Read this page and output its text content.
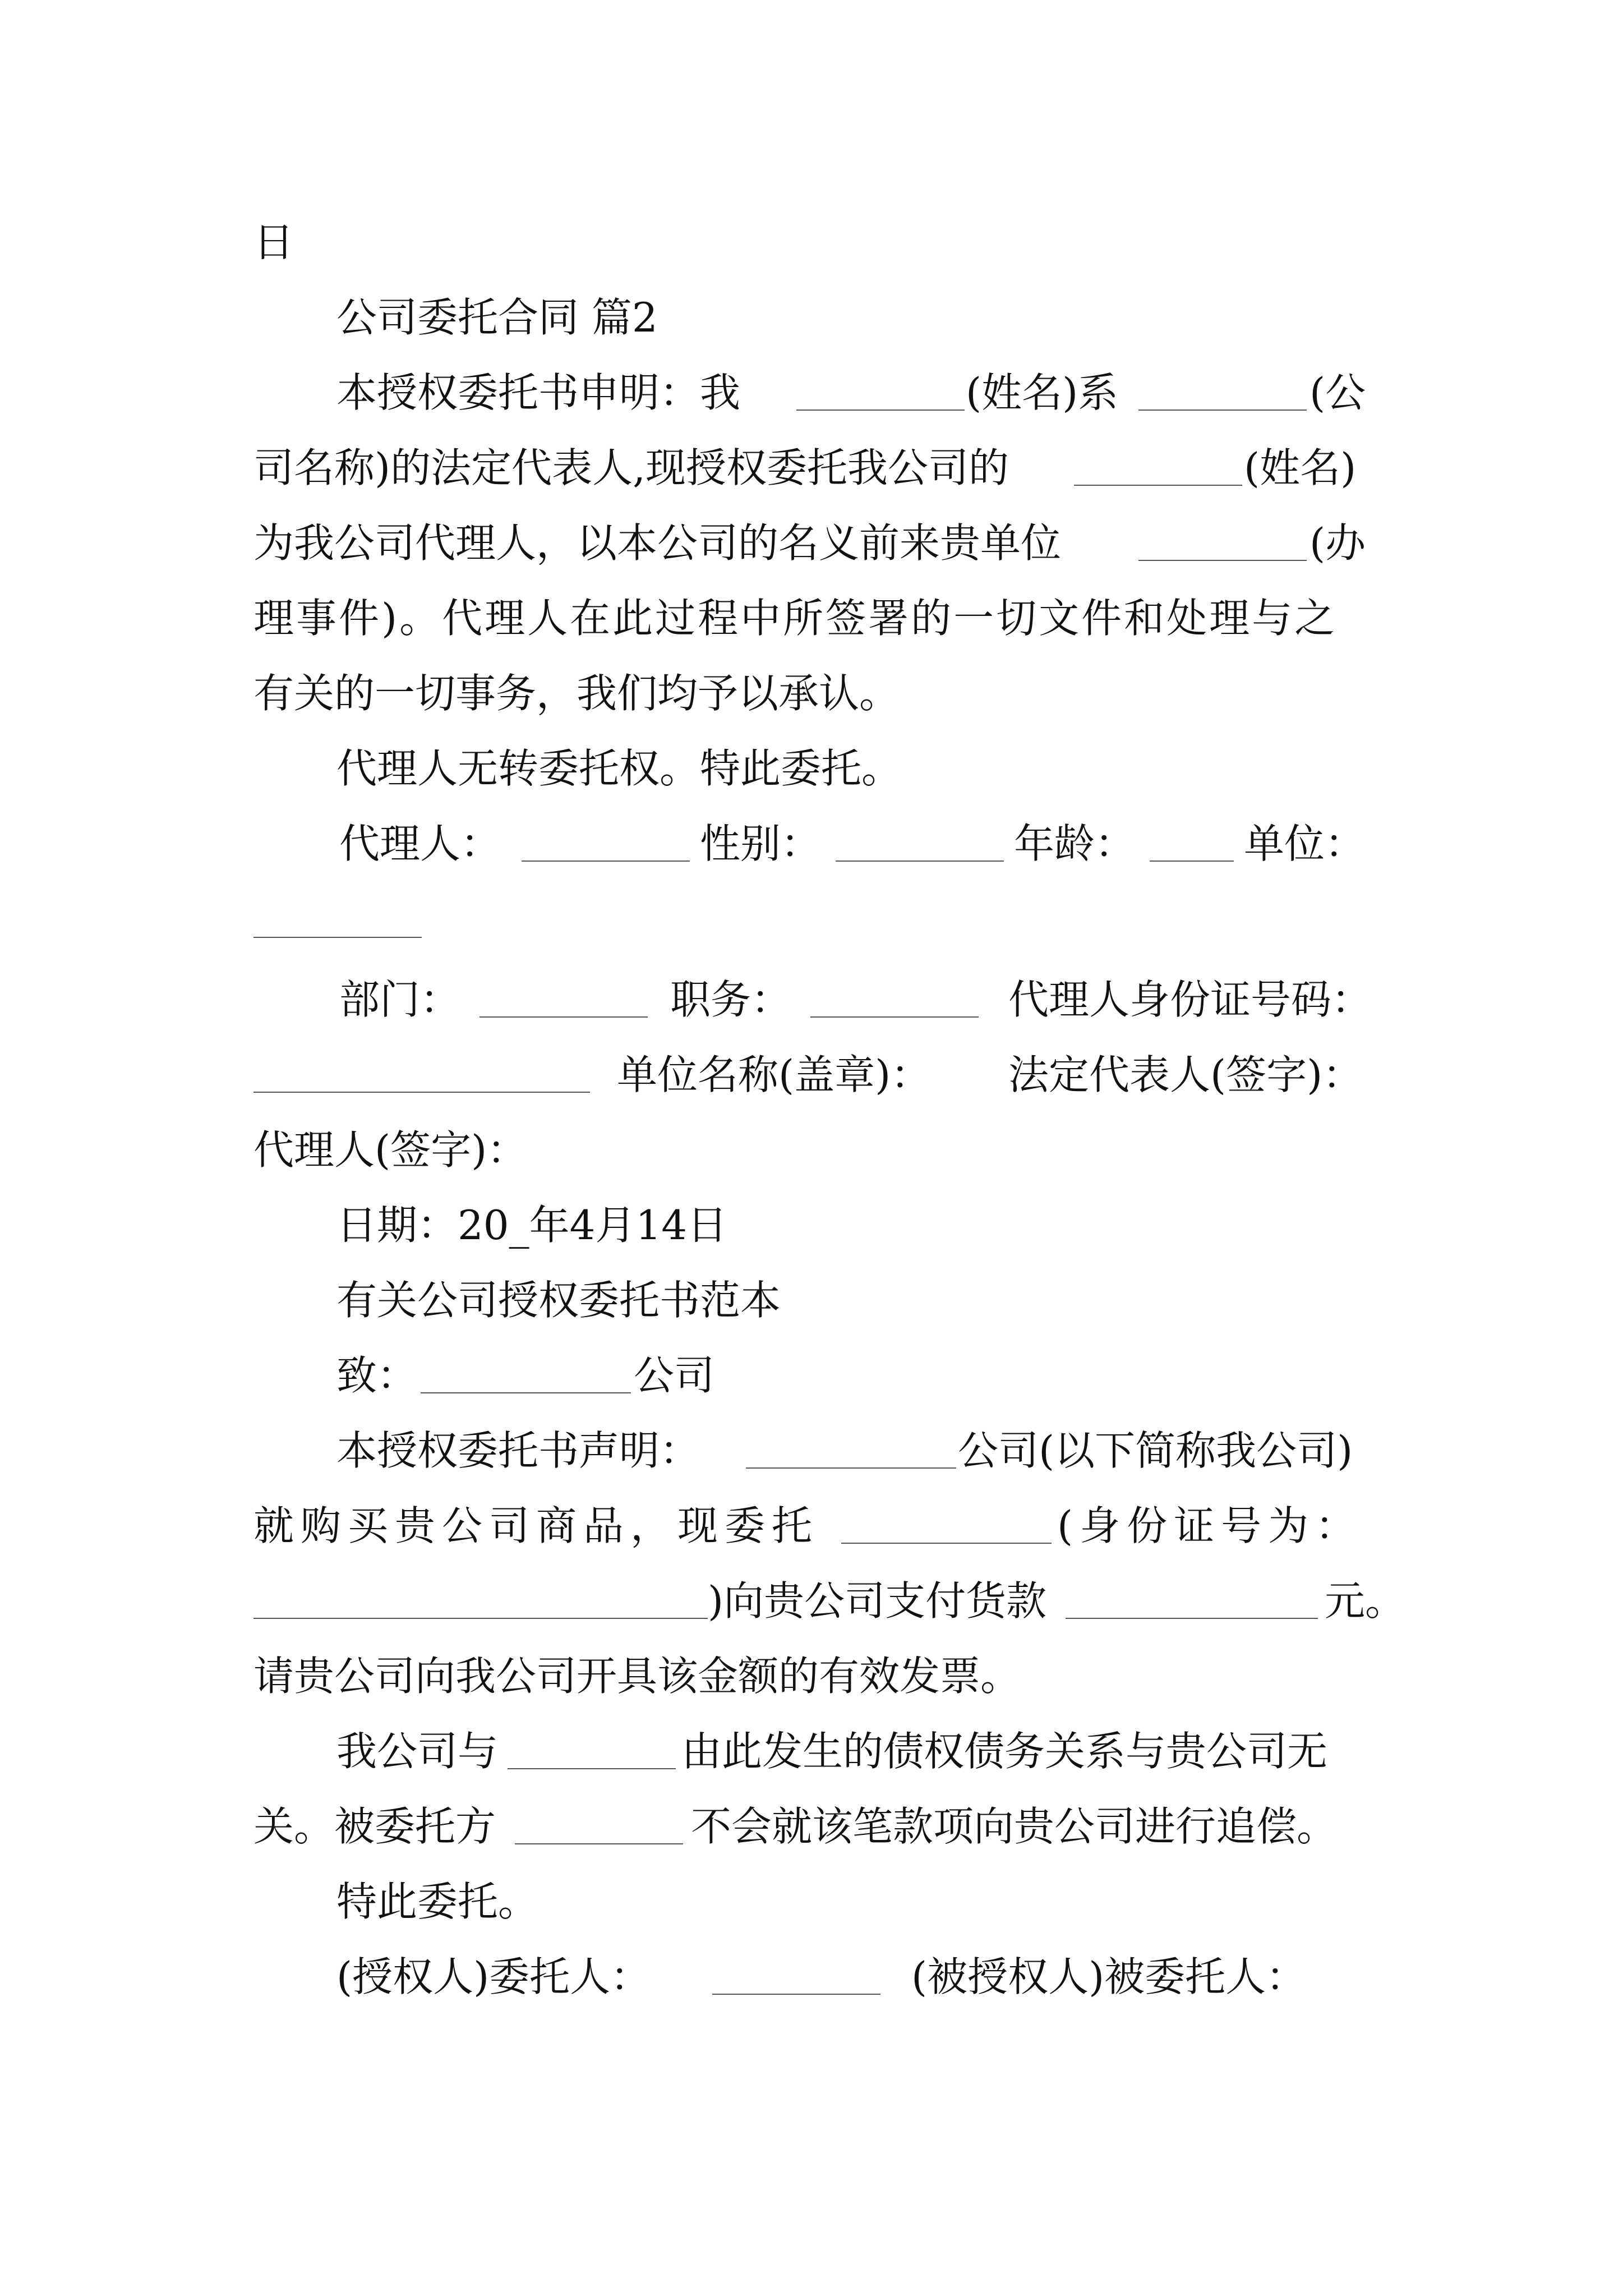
日
公司委托合同 篇2
本授权委托书申明：我	(姓名)系	(公
司名称)的法定代表人,现授权委托我公司的	(姓名)
为我公司代理人，以本公司的名义前来贵单位	(办
理事件)。代理人在此过程中所签署的一切文件和处理与之
有关的一切事务，我们均予以承认。
代理人无转委托权。特此委托。
代理人：	性别：	年龄：	单位：
部门：	职务：	代理人身份证号码：
单位名称(盖章)： 法定代表人(签字)：
代理人(签字)：
日期：20_年4月14日
有关公司授权委托书范本
致：	公司
本授权委托书声明：	公司(以下简称我公司)
就购买贵公司商品，现委托	(身份证号为：
)向贵公司支付货款	元。
请贵公司向我公司开具该金额的有效发票。
我公司与	由此发生的债权债务关系与贵公司无
关。被委托方	不会就该笔款项向贵公司进行追偿。
特此委托。
(授权人)委托人：	(被授权人)被委托人：
